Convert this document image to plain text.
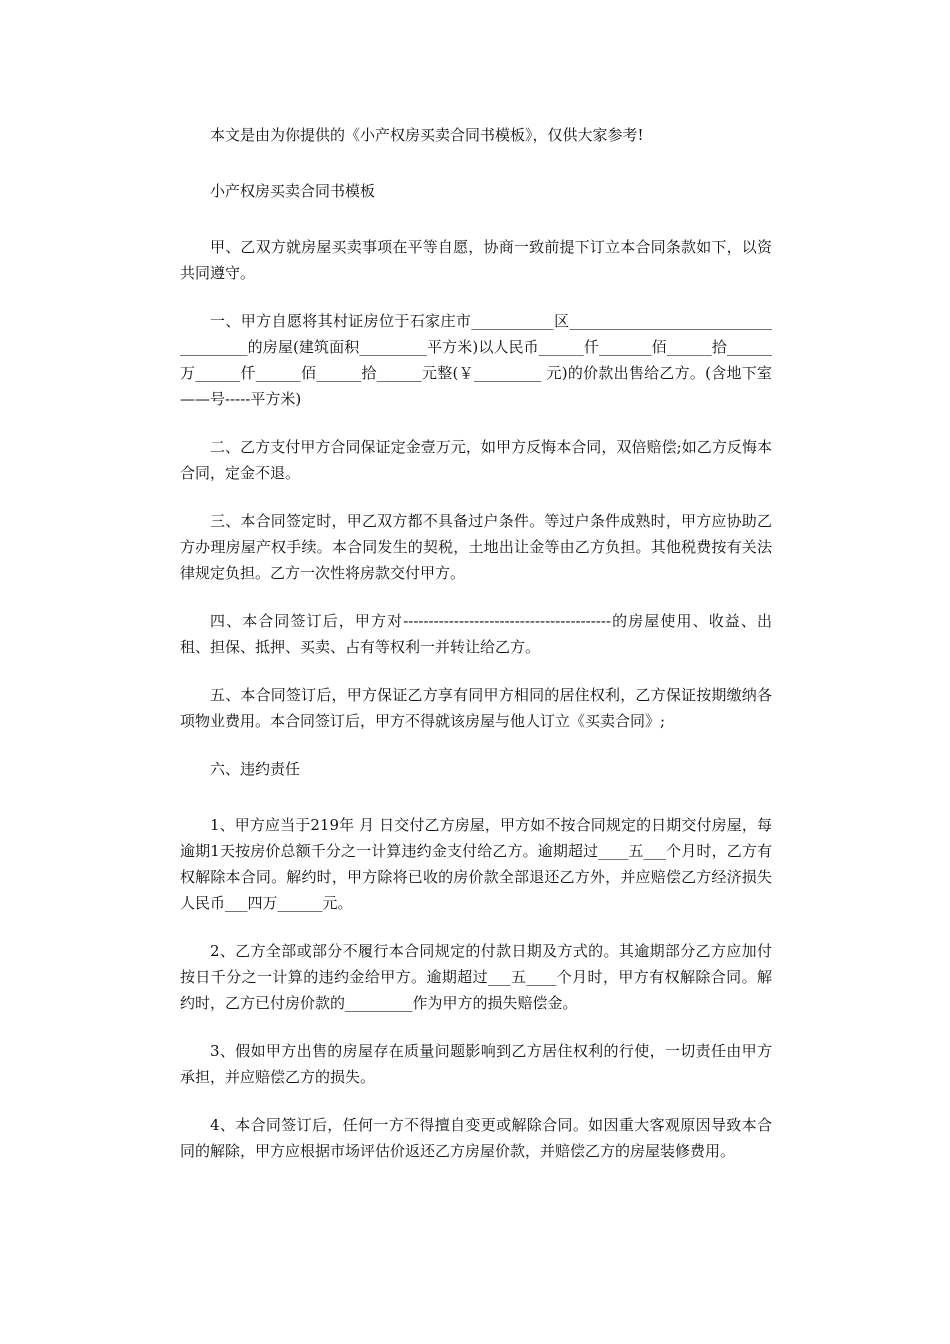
本文是由为你提供的《小产权房买卖合同书模板》，仅供大家参考!

小产权房买卖合同书模板

甲、乙双方就房屋买卖事项在平等自愿，协商一致前提下订立本合同条款如下，以资共同遵守。

一、甲方自愿将其村证房位于石家庄市___________区____________________________________的房屋(建筑面积_________平方米)以人民币______仟_______佰______拾______万______仟______佰______拾______元整(￥_________ 元)的价款出售给乙方。(含地下室——号-----平方米)

二、乙方支付甲方合同保证定金壹万元，如甲方反悔本合同，双倍赔偿;如乙方反悔本合同，定金不退。

三、本合同签定时，甲乙双方都不具备过户条件。等过户条件成熟时，甲方应协助乙方办理房屋产权手续。本合同发生的契税，土地出让金等由乙方负担。其他税费按有关法律规定负担。乙方一次性将房款交付甲方。

四、本合同签订后，甲方对-----------------------------------------的房屋使用、收益、出租、担保、抵押、买卖、占有等权利一并转让给乙方。

五、本合同签订后，甲方保证乙方享有同甲方相同的居住权利，乙方保证按期缴纳各项物业费用。本合同签订后，甲方不得就该房屋与他人订立《买卖合同》;

六、违约责任

1、甲方应当于219年 月 日交付乙方房屋，甲方如不按合同规定的日期交付房屋，每逾期1天按房价总额千分之一计算违约金支付给乙方。逾期超过____五___个月时，乙方有权解除本合同。解约时，甲方除将已收的房价款全部退还乙方外，并应赔偿乙方经济损失人民币___四万______元。

2、乙方全部或部分不履行本合同规定的付款日期及方式的。其逾期部分乙方应加付按日千分之一计算的违约金给甲方。逾期超过___五____个月时，甲方有权解除合同。解约时，乙方已付房价款的_________作为甲方的损失赔偿金。

3、假如甲方出售的房屋存在质量问题影响到乙方居住权利的行使，一切责任由甲方承担，并应赔偿乙方的损失。

4、本合同签订后，任何一方不得擅自变更或解除合同。如因重大客观原因导致本合同的解除，甲方应根据市场评估价返还乙方房屋价款，并赔偿乙方的房屋装修费用。
